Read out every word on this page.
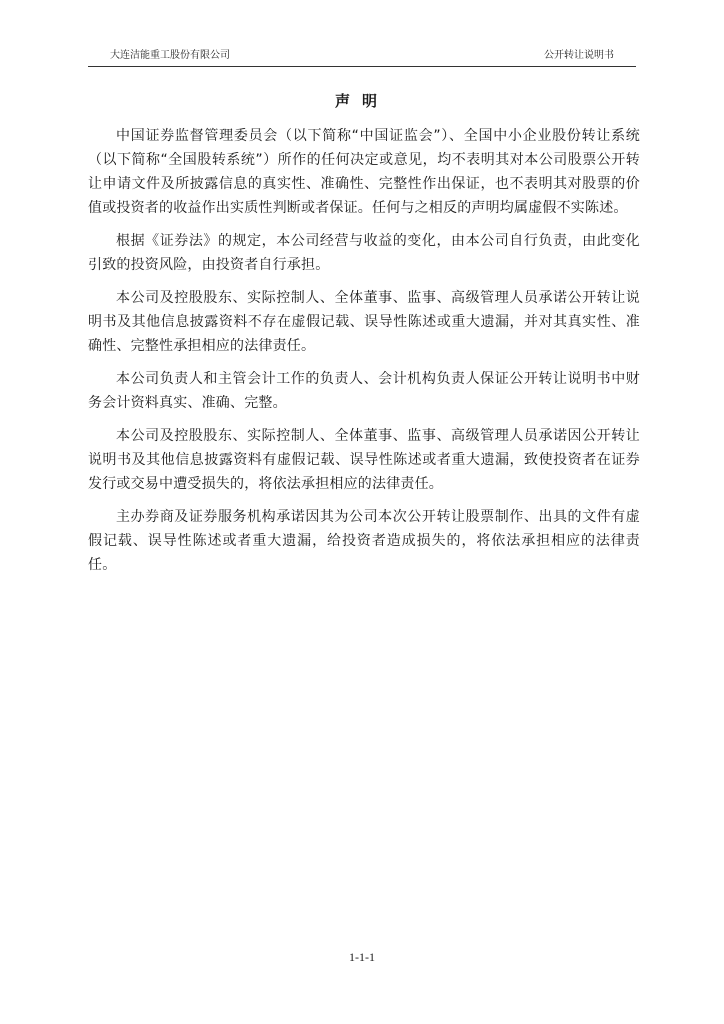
大连洁能重工股份有限公司	公开转让说明书
声明

中国证券监督管理委员会（以下简称“中国证监会”）、全国中小企业股份转让系统（以下简称“全国股转系统”）所作的任何决定或意见，均不表明其对本公司股票公开转让申请文件及所披露信息的真实性、准确性、完整性作出保证，也不表明其对股票的价值或投资者的收益作出实质性判断或者保证。任何与之相反的声明均属虚假不实陈述。

根据《证券法》的规定，本公司经营与收益的变化，由本公司自行负责，由此变化引致的投资风险，由投资者自行承担。

本公司及控股股东、实际控制人、全体董事、监事、高级管理人员承诺公开转让说明书及其他信息披露资料不存在虚假记载、误导性陈述或重大遗漏，并对其真实性、准确性、完整性承担相应的法律责任。

本公司负责人和主管会计工作的负责人、会计机构负责人保证公开转让说明书中财务会计资料真实、准确、完整。

本公司及控股股东、实际控制人、全体董事、监事、高级管理人员承诺因公开转让说明书及其他信息披露资料有虚假记载、误导性陈述或者重大遗漏，致使投资者在证券发行或交易中遭受损失的，将依法承担相应的法律责任。

主办券商及证券服务机构承诺因其为公司本次公开转让股票制作、出具的文件有虚假记载、误导性陈述或者重大遗漏，给投资者造成损失的，将依法承担相应的法律责任。

1-1-1
